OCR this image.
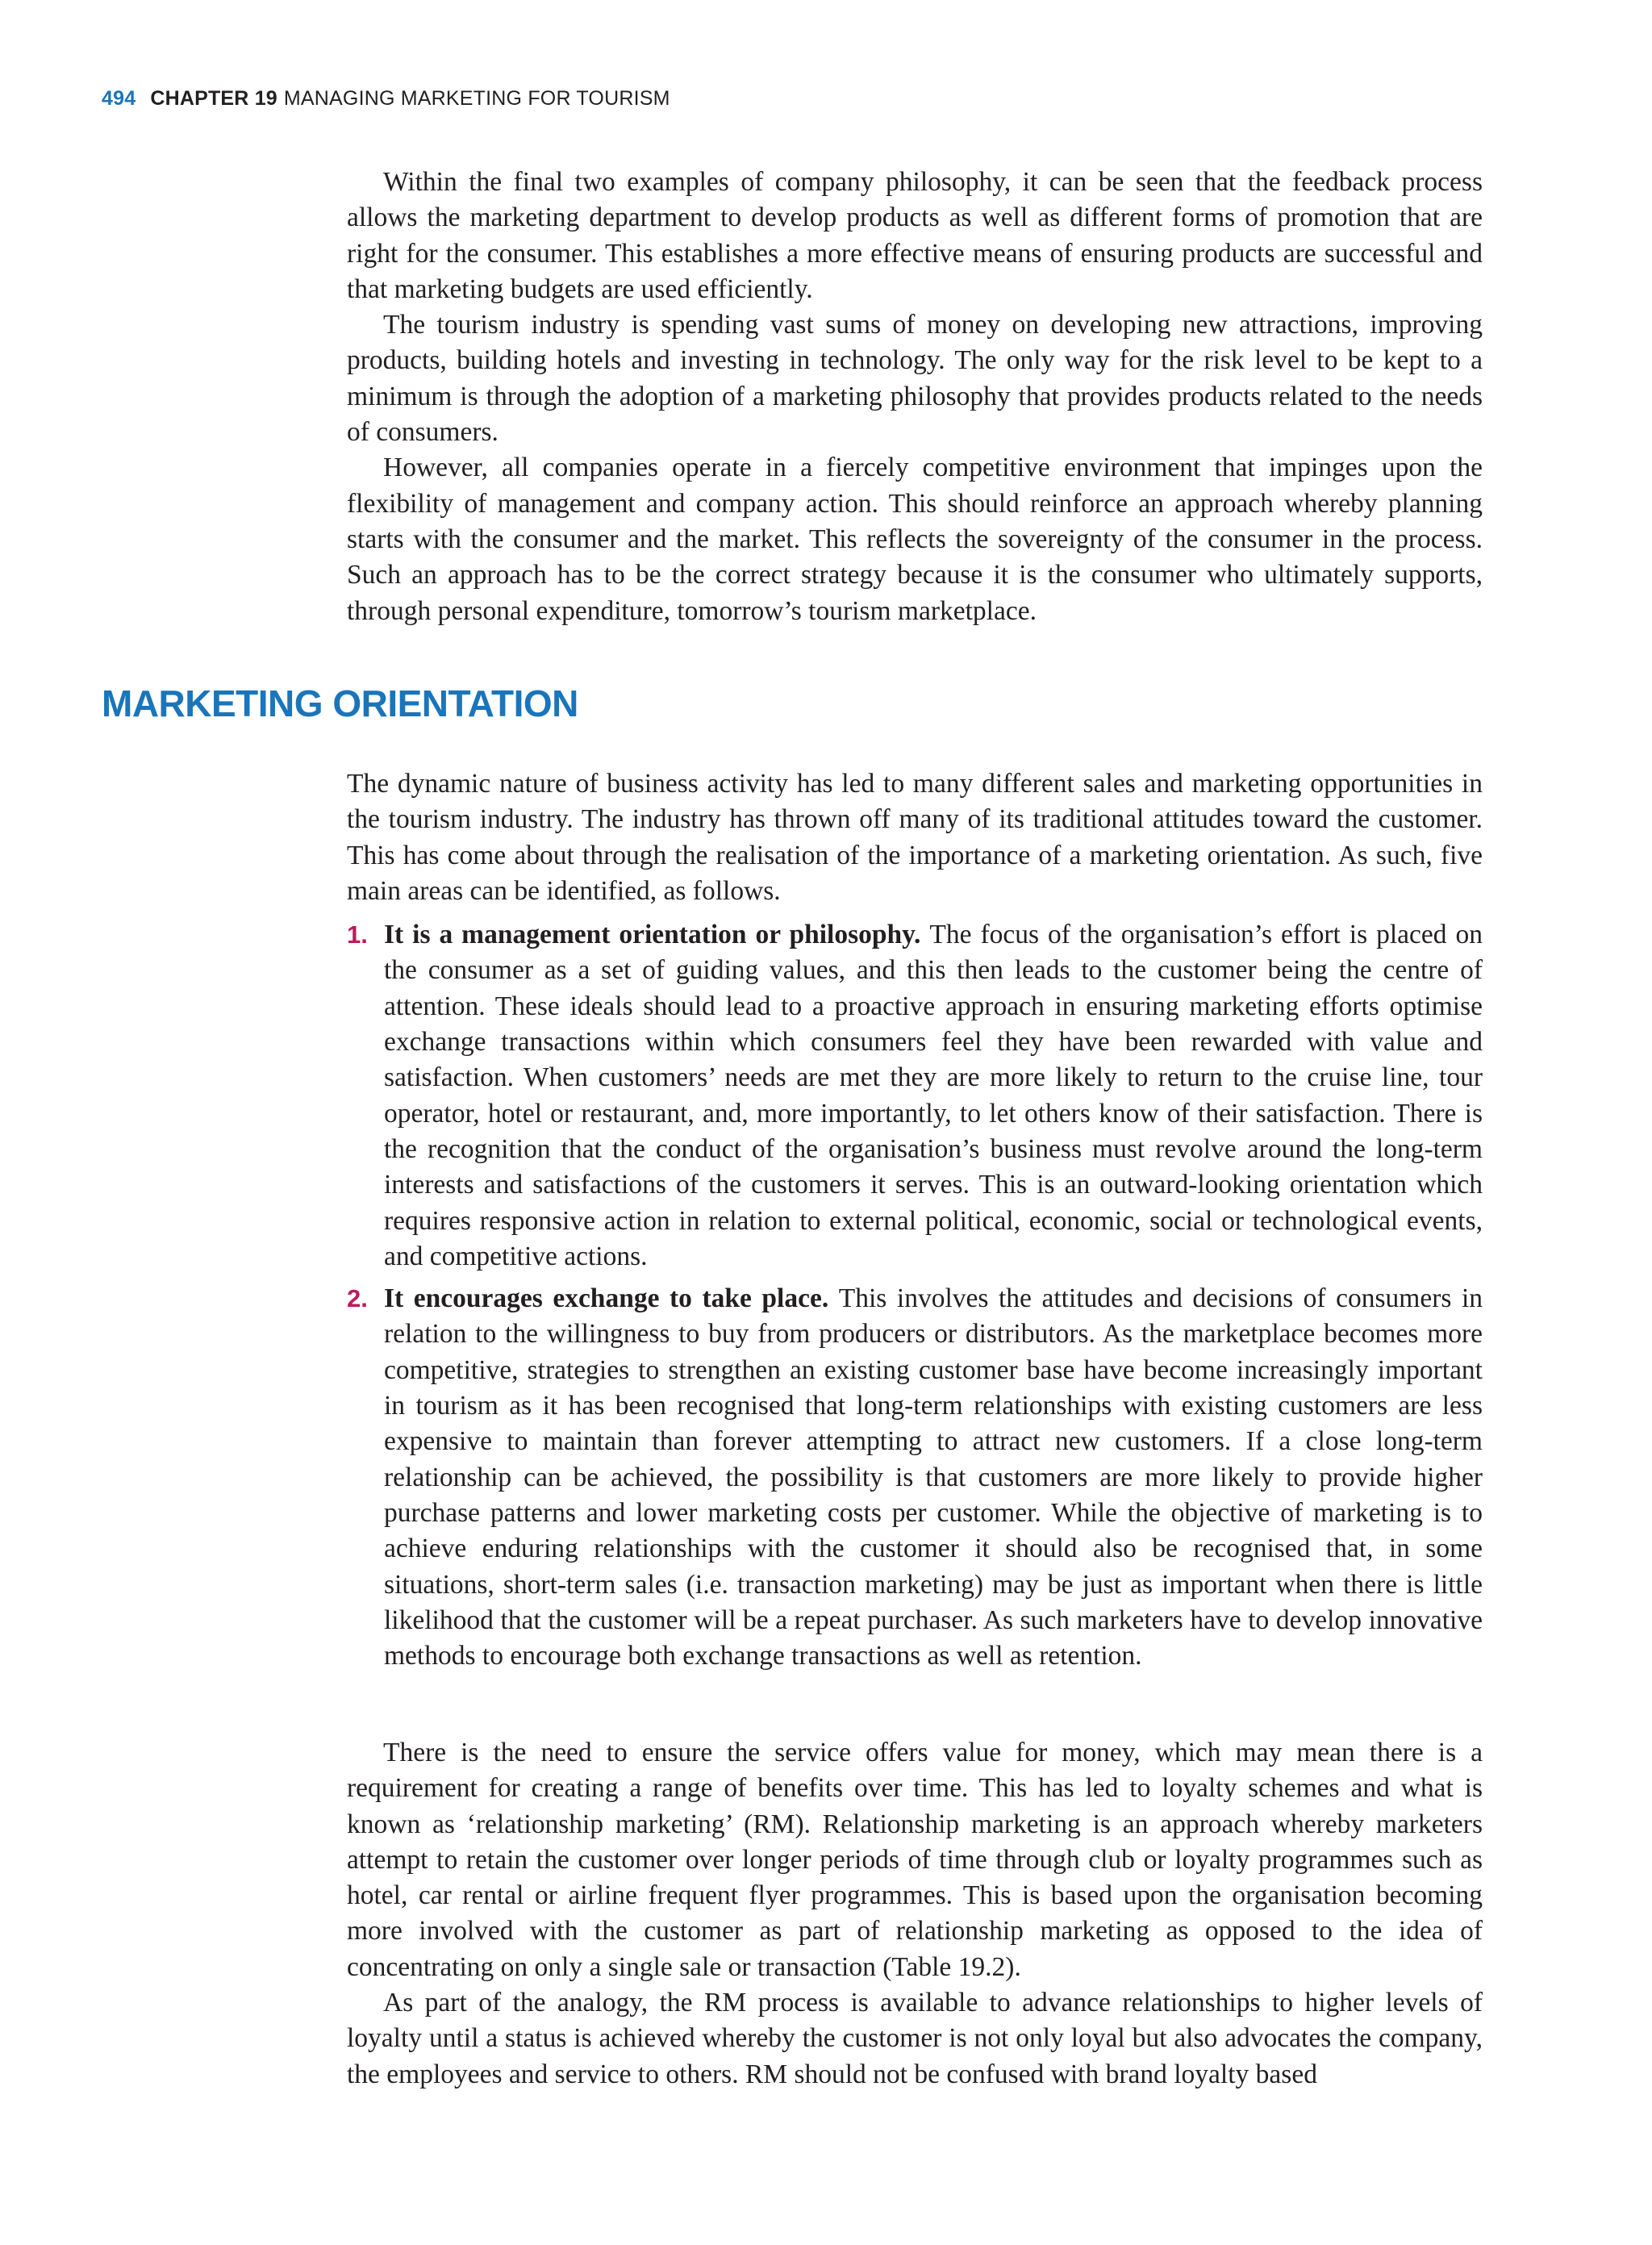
494 CHAPTER 19 MANAGING MARKETING FOR TOURISM

Within the final two examples of company philosophy, it can be seen that the feedback process allows the marketing department to develop products as well as different forms of promotion that are right for the consumer. This establishes a more effective means of ensuring products are successful and that marketing budgets are used efficiently.

The tourism industry is spending vast sums of money on developing new attractions, improving products, building hotels and investing in technology. The only way for the risk level to be kept to a minimum is through the adoption of a marketing philosophy that provides products related to the needs of consumers.

However, all companies operate in a fiercely competitive environment that impinges upon the flexibility of management and company action. This should reinforce an approach whereby planning starts with the consumer and the market. This reflects the sovereignty of the consumer in the process. Such an approach has to be the correct strategy because it is the consumer who ultimately supports, through personal expenditure, tomorrow’s tourism marketplace.

MARKETING ORIENTATION

The dynamic nature of business activity has led to many different sales and marketing opportunities in the tourism industry. The industry has thrown off many of its traditional attitudes toward the customer. This has come about through the realisation of the importance of a marketing orientation. As such, five main areas can be identified, as follows.

1. It is a management orientation or philosophy. The focus of the organisation’s effort is placed on the consumer as a set of guiding values, and this then leads to the customer being the centre of attention. These ideals should lead to a proactive approach in ensuring marketing efforts optimise exchange transactions within which consumers feel they have been rewarded with value and satisfaction. When customers’ needs are met they are more likely to return to the cruise line, tour operator, hotel or restaurant, and, more importantly, to let others know of their satisfaction. There is the recognition that the conduct of the organisation’s business must revolve around the long-term interests and satisfactions of the customers it serves. This is an outward-looking orientation which requires responsive action in relation to external political, economic, social or technological events, and competitive actions.
2. It encourages exchange to take place. This involves the attitudes and decisions of consumers in relation to the willingness to buy from producers or distributors. As the marketplace becomes more competitive, strategies to strengthen an existing customer base have become increasingly important in tourism as it has been recognised that long-term relationships with existing customers are less expensive to maintain than forever attempting to attract new customers. If a close long-term relationship can be achieved, the possibility is that customers are more likely to provide higher purchase patterns and lower marketing costs per customer. While the objective of marketing is to achieve enduring relationships with the customer it should also be recognised that, in some situations, short-term sales (i.e. transaction marketing) may be just as important when there is little likelihood that the customer will be a repeat purchaser. As such marketers have to develop innovative methods to encourage both exchange transactions as well as retention.

There is the need to ensure the service offers value for money, which may mean there is a requirement for creating a range of benefits over time. This has led to loyalty schemes and what is known as ‘relationship marketing’ (RM). Relationship marketing is an approach whereby marketers attempt to retain the customer over longer periods of time through club or loyalty programmes such as hotel, car rental or airline frequent flyer programmes. This is based upon the organisation becoming more involved with the customer as part of relationship marketing as opposed to the idea of concentrating on only a single sale or transaction (Table 19.2).

As part of the analogy, the RM process is available to advance relationships to higher levels of loyalty until a status is achieved whereby the customer is not only loyal but also advocates the company, the employees and service to others. RM should not be confused with brand loyalty based
